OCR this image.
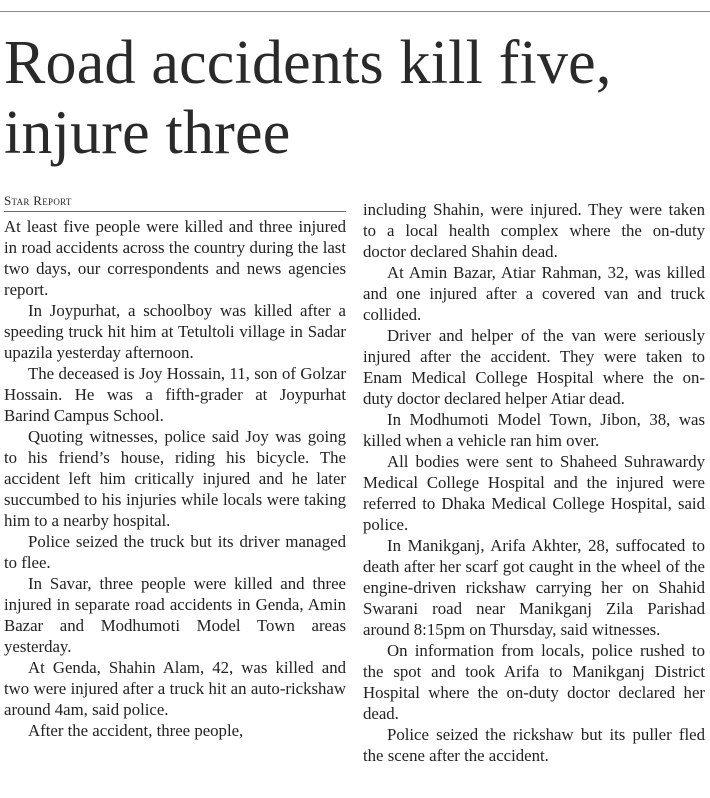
Road accidents kill five, injure three
Star Report

At least five people were killed and three injured in road accidents across the country during the last two days, our correspondents and news agencies report.

In Joypurhat, a schoolboy was killed after a speeding truck hit him at Tetultoli village in Sadar upazila yesterday afternoon.

The deceased is Joy Hossain, 11, son of Golzar Hossain. He was a fifth-grader at Joypurhat Barind Campus School.

Quoting witnesses, police said Joy was going to his friend’s house, riding his bicycle. The accident left him critically injured and he later succumbed to his injuries while locals were taking him to a nearby hospital.

Police seized the truck but its driver managed to flee.

In Savar, three people were killed and three injured in separate road accidents in Genda, Amin Bazar and Modhumoti Model Town areas yesterday.

At Genda, Shahin Alam, 42, was killed and two were injured after a truck hit an auto-rickshaw around 4am, said police.

After the accident, three people,

including Shahin, were injured. They were taken to a local health complex where the on-duty doctor declared Shahin dead.

At Amin Bazar, Atiar Rahman, 32, was killed and one injured after a covered van and truck collided.

Driver and helper of the van were seriously injured after the accident. They were taken to Enam Medical College Hospital where the on-duty doctor declared helper Atiar dead.

In Modhumoti Model Town, Jibon, 38, was killed when a vehicle ran him over.

All bodies were sent to Shaheed Suhrawardy Medical College Hospital and the injured were referred to Dhaka Medical College Hospital, said police.

In Manikganj, Arifa Akhter, 28, suffocated to death after her scarf got caught in the wheel of the engine-driven rickshaw carrying her on Shahid Swarani road near Manikganj Zila Parishad around 8:15pm on Thursday, said witnesses.

On information from locals, police rushed to the spot and took Arifa to Manikganj District Hospital where the on-duty doctor declared her dead.

Police seized the rickshaw but its puller fled the scene after the accident.
